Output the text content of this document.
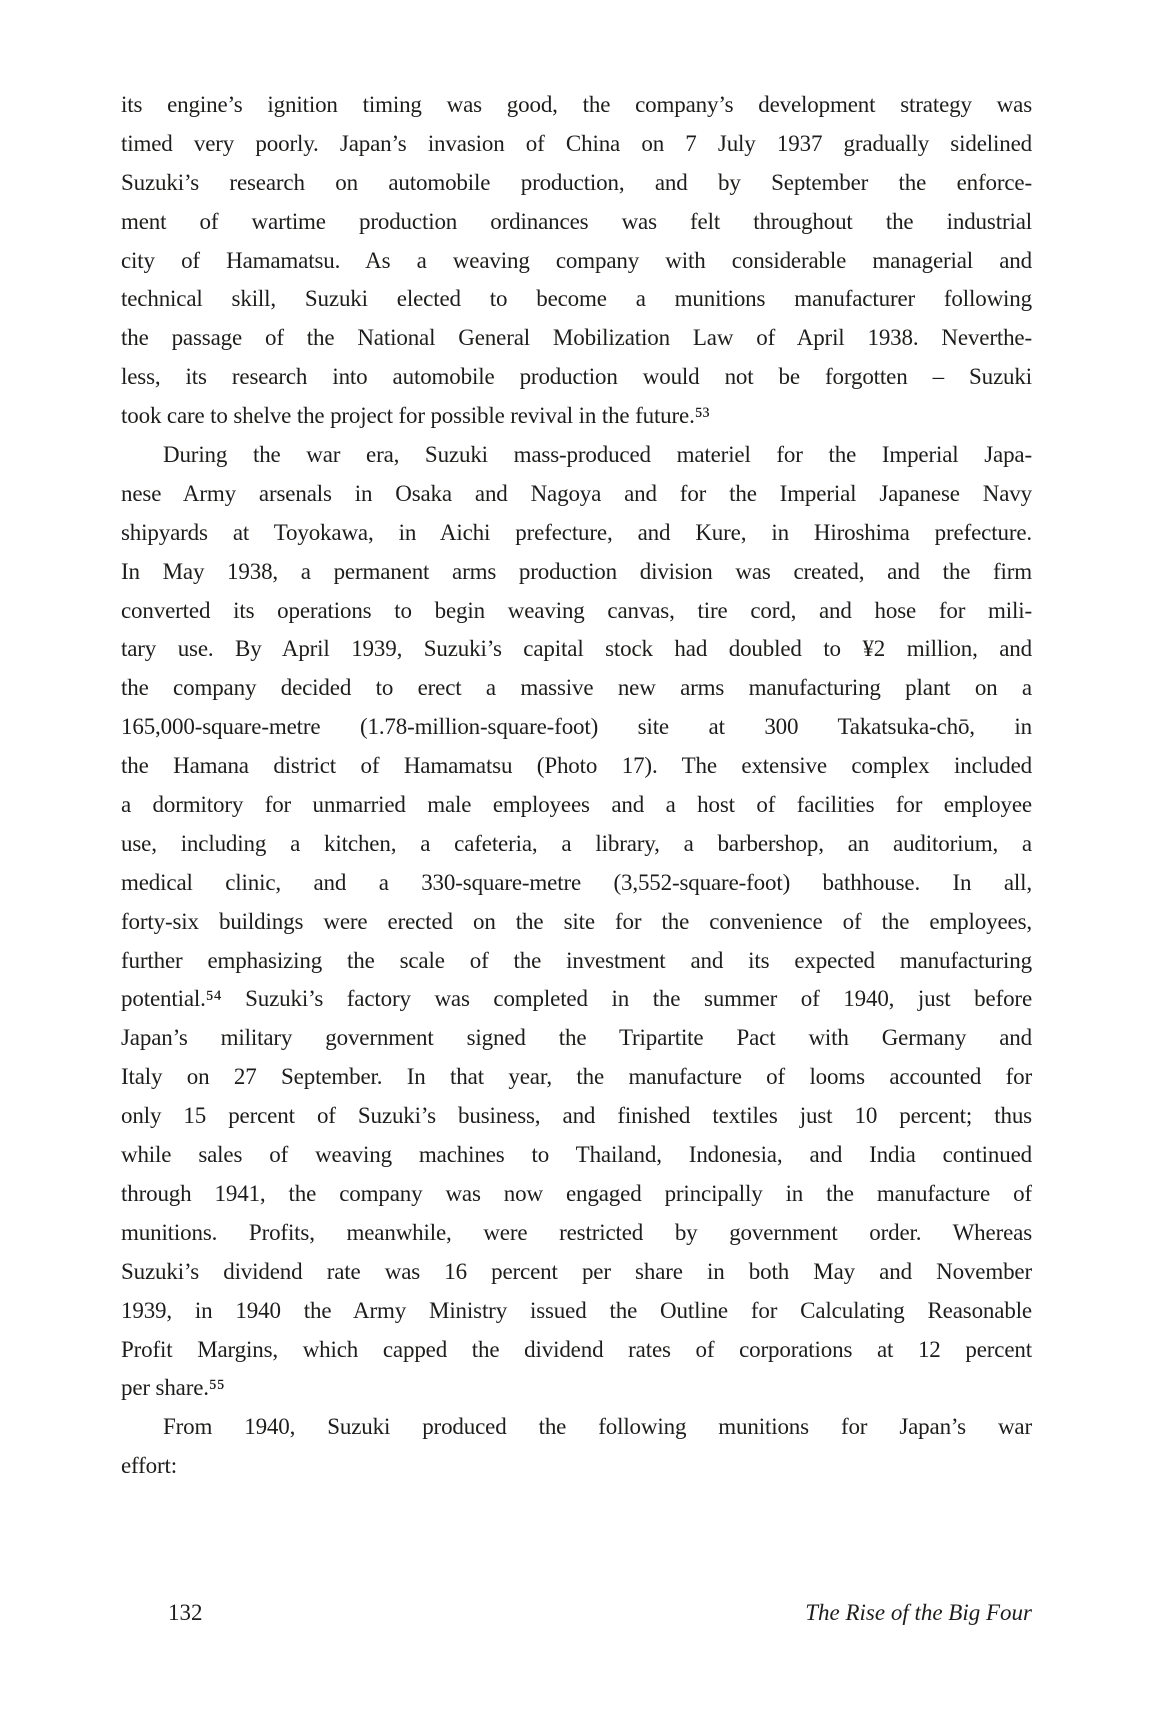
its engine’s ignition timing was good, the company’s development strategy was
timed very poorly. Japan’s invasion of China on 7 July 1937 gradually sidelined
Suzuki’s research on automobile production, and by September the enforce-
ment of wartime production ordinances was felt throughout the industrial
city of Hamamatsu. As a weaving company with considerable managerial and
technical skill, Suzuki elected to become a munitions manufacturer following
the passage of the National General Mobilization Law of April 1938. Neverthe-
less, its research into automobile production would not be forgotten – Suzuki
took care to shelve the project for possible revival in the future.⁵³
During the war era, Suzuki mass-produced materiel for the Imperial Japa-
nese Army arsenals in Osaka and Nagoya and for the Imperial Japanese Navy
shipyards at Toyokawa, in Aichi prefecture, and Kure, in Hiroshima prefecture.
In May 1938, a permanent arms production division was created, and the firm
converted its operations to begin weaving canvas, tire cord, and hose for mili-
tary use. By April 1939, Suzuki’s capital stock had doubled to ¥2 million, and
the company decided to erect a massive new arms manufacturing plant on a
165,000-square-metre (1.78-million-square-foot) site at 300 Takatsuka-chō, in
the Hamana district of Hamamatsu (Photo 17). The extensive complex included
a dormitory for unmarried male employees and a host of facilities for employee
use, including a kitchen, a cafeteria, a library, a barbershop, an auditorium, a
medical clinic, and a 330-square-metre (3,552-square-foot) bathhouse. In all,
forty-six buildings were erected on the site for the convenience of the employees,
further emphasizing the scale of the investment and its expected manufacturing
potential.⁵⁴ Suzuki’s factory was completed in the summer of 1940, just before
Japan’s military government signed the Tripartite Pact with Germany and
Italy on 27 September. In that year, the manufacture of looms accounted for
only 15 percent of Suzuki’s business, and finished textiles just 10 percent; thus
while sales of weaving machines to Thailand, Indonesia, and India continued
through 1941, the company was now engaged principally in the manufacture of
munitions. Profits, meanwhile, were restricted by government order. Whereas
Suzuki’s dividend rate was 16 percent per share in both May and November
1939, in 1940 the Army Ministry issued the Outline for Calculating Reasonable
Profit Margins, which capped the dividend rates of corporations at 12 percent
per share.⁵⁵
From 1940, Suzuki produced the following munitions for Japan’s war
effort:
132	The Rise of the Big Four
